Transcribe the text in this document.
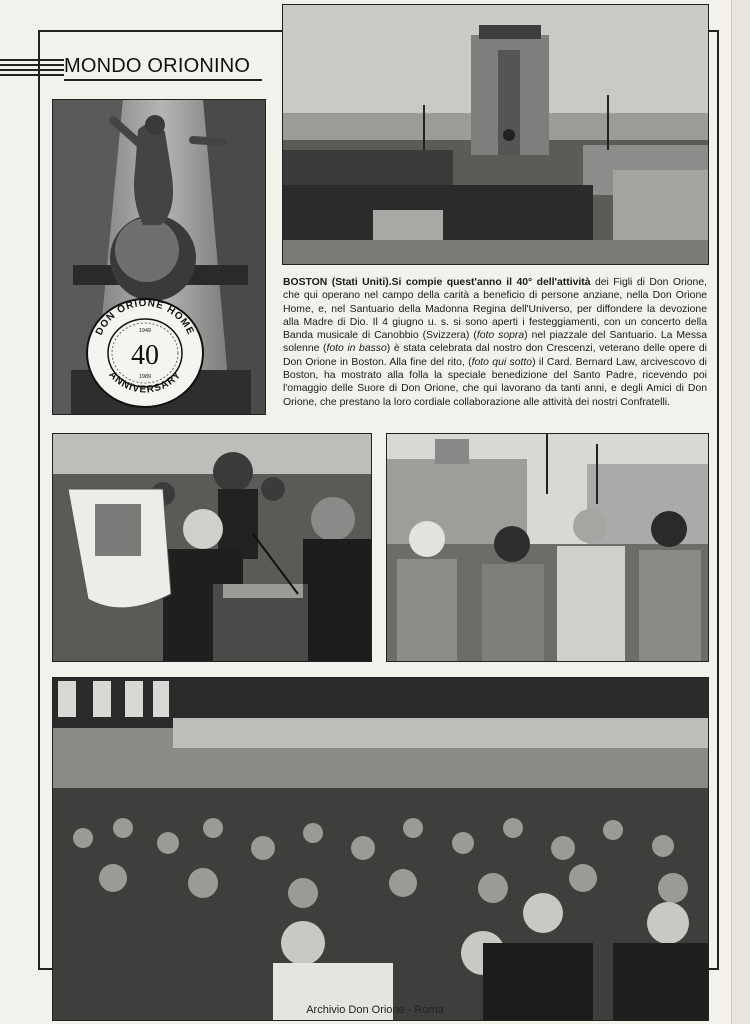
MONDO ORIONINO
DON ORIONE HOME
ANNIVERSARY
1949
40
1989

BOSTON (Stati Uniti).Si compie quest'anno il 40° dell'attività dei Figli di Don Orione, che qui operano nel campo della carità a beneficio di persone anziane, nella Don Orione Home, e, nel Santuario della Madonna Regina dell'Universo, per diffondere la devozione alla Madre di Dio. Il 4 giugno u. s. si sono aperti i festeggiamenti, con un concerto della Banda musicale di Canobbio (Svizzera) (foto sopra) nel piazzale del Santuario. La Messa solenne (foto in basso) è stata celebrata dal nostro don Crescenzi, veterano delle opere di Don Orione in Boston. Alla fine del rito, (foto qui sotto) il Card. Bernard Law, arcivescovo di Boston, ha mostrato alla folla la speciale benedizione del Santo Padre, ricevendo poi l'omaggio delle Suore di Don Orione, che qui lavorano da tanti anni, e degli Amici di Don Orione, che prestano la loro cordiale collaborazione alle attività dei nostri Confratelli.

Archivio Don Orione - Roma
